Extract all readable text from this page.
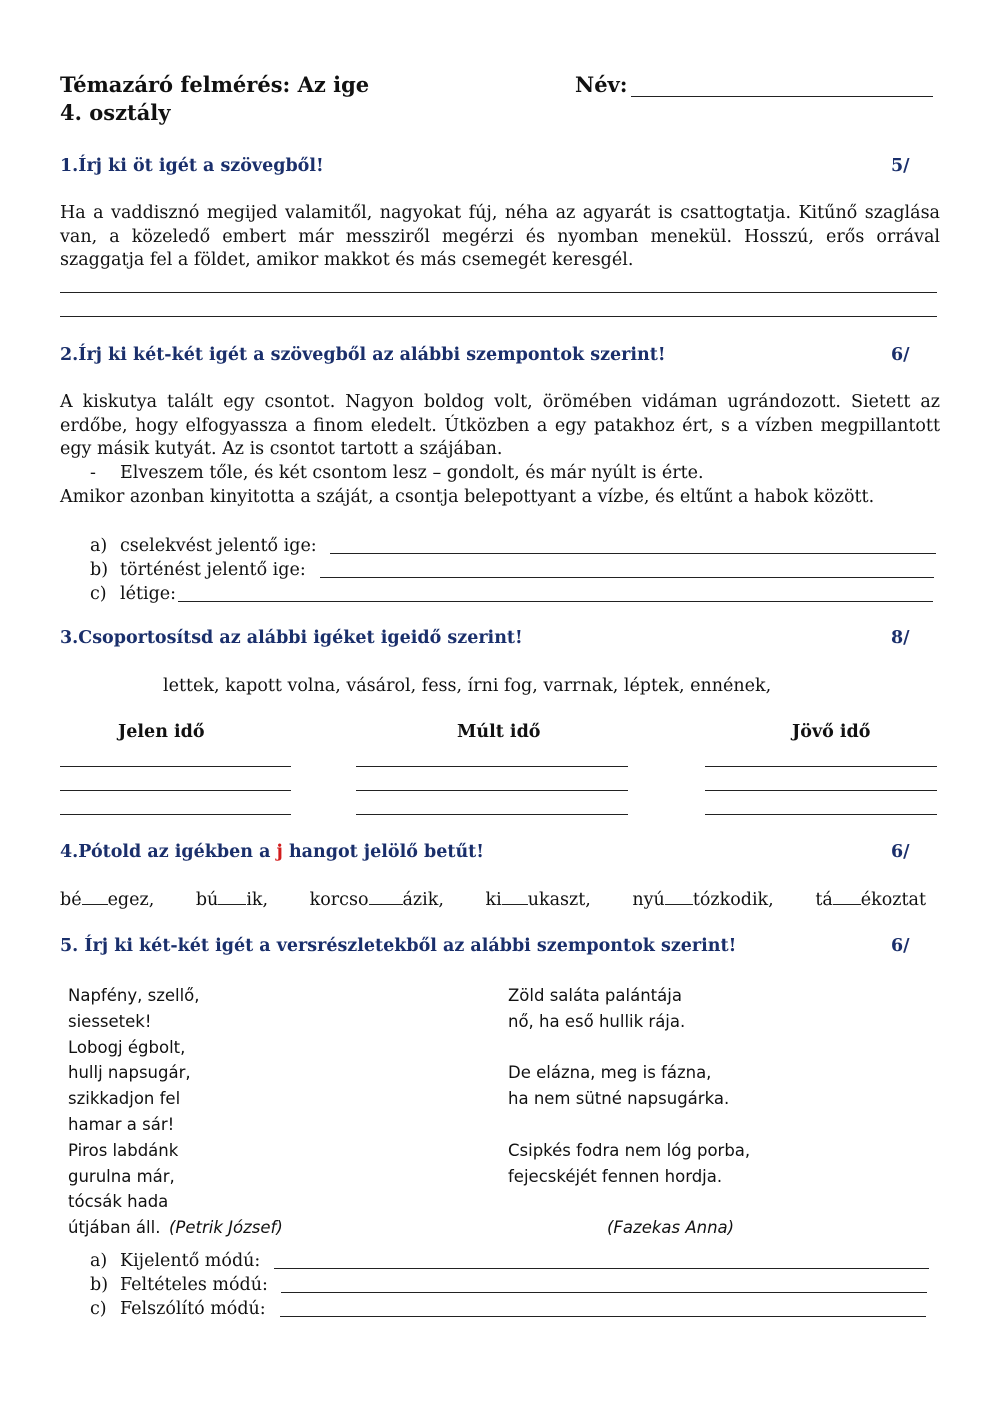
Témazáró felmérés: Az ige
4. osztály
Név:
1.Írj ki öt igét a szövegből!	5/
Ha a vaddisznó megijed valamitől, nagyokat fúj, néha az agyarát is csattogtatja. Kitűnő szaglása van, a közeledő embert már messziről megérzi és nyomban menekül. Hosszú, erős orrával szaggatja fel a földet, amikor makkot és más csemegét keresgél.
2.Írj ki két-két igét a szövegből az alábbi szempontok szerint!	6/
A kiskutya talált egy csontot. Nagyon boldog volt, örömében vidáman ugrándozott. Sietett az erdőbe, hogy elfogyassza a finom eledelt. Útközben a egy patakhoz ért, s a vízben megpillantott egy másik kutyát. Az is csontot tartott a szájában.
- Elveszem tőle, és két csontom lesz – gondolt, és már nyúlt is érte.
Amikor azonban kinyitotta a száját, a csontja belepottyant a vízbe, és eltűnt a habok között.
a) cselekvést jelentő ige:
b) történést jelentő ige:
c) létige:
3.Csoportosítsd az alábbi igéket igeidő szerint!	8/
lettek, kapott volna, vásárol, fess, írni fog, varrnak, léptek, ennének,
Jelen idő	Múlt idő	Jövő idő
4.Pótold az igékben a j hangot jelölő betűt!	6/
bé egez, bú ik, korcso ázik, ki ukaszt, nyú tózkodik, tá ékoztat
5. Írj ki két-két igét a versrészletekből az alábbi szempontok szerint!	6/
Napfény, szellő,
siessetek!
Lobogj égbolt,
hullj napsugár,
szikkadjon fel
hamar a sár!
Piros labdánk
gurulna már,
tócsák hada
útjában áll. (Petrik József)
Zöld saláta palántája
nő, ha eső hullik rája.

De elázna, meg is fázna,
ha nem sütné napsugárka.

Csipkés fodra nem lóg porba,
fejecskéjét fennen hordja.
(Fazekas Anna)
a) Kijelentő módú:
b) Feltételes módú:
c) Felszólító módú:
